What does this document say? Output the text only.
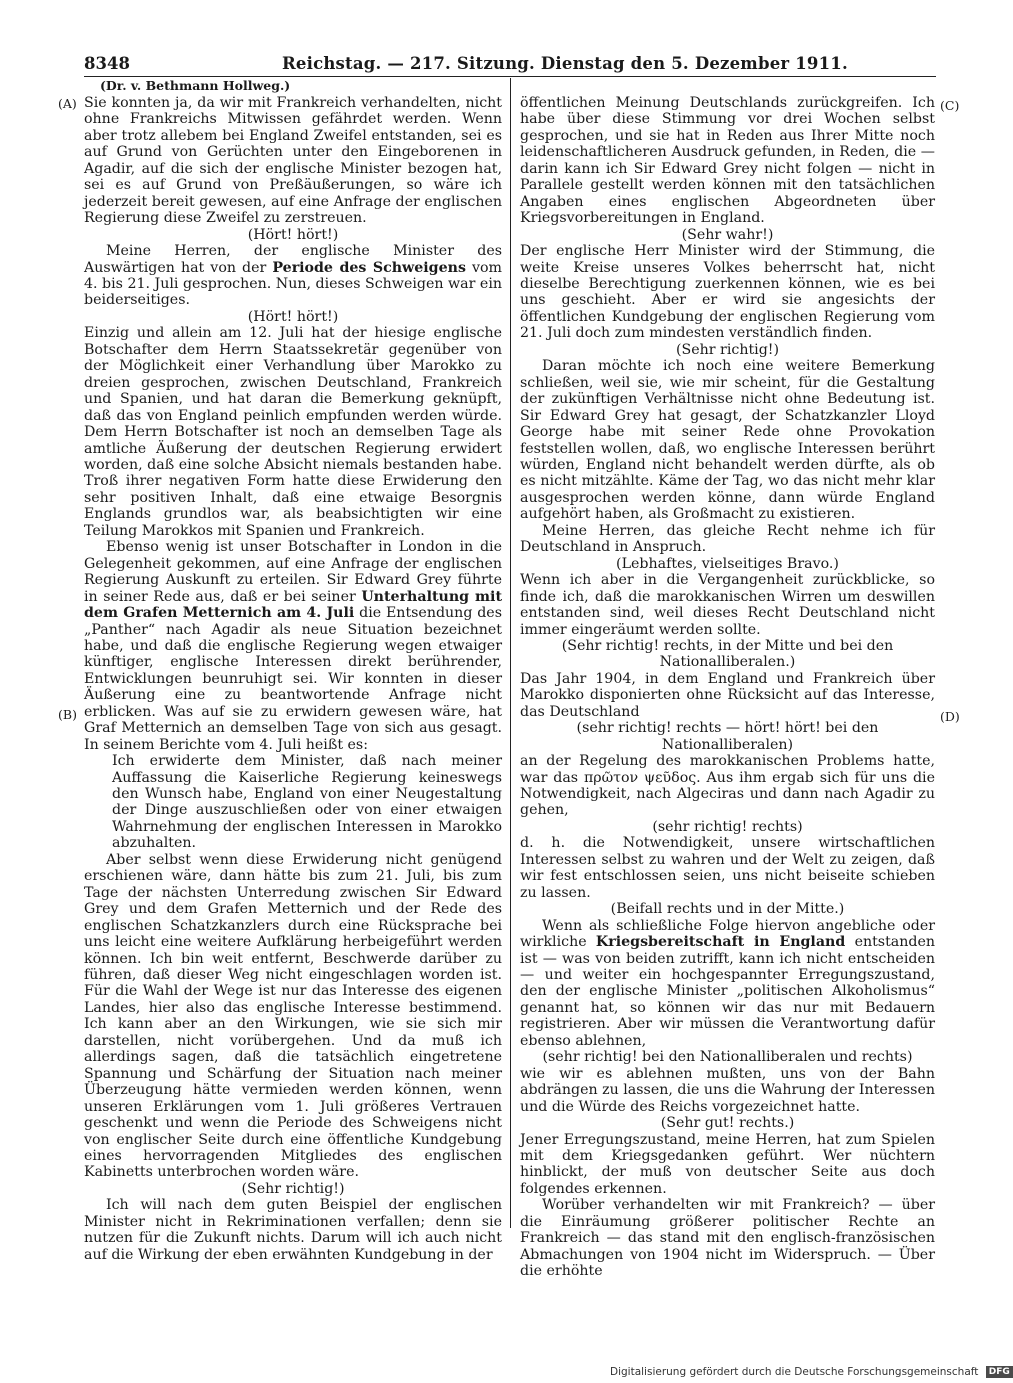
8348	Reichstag. — 217. Sitzung. Dienstag den 5. Dezember 1911.
(Dr. v. Bethmann Hollweg.)
(A)
(B)
(C)
(D)

Sie konnten ja, da wir mit Frankreich verhandelten, nicht ohne Frankreichs Mitwissen gefährdet werden. Wenn aber trotz allebem bei England Zweifel entstanden, sei es auf Grund von Gerüchten unter den Eingeborenen in Agadir, auf die sich der englische Minister bezogen hat, sei es auf Grund von Preßäußerungen, so wäre ich jederzeit bereit gewesen, auf eine Anfrage der englischen Regierung diese Zweifel zu zerstreuen.

(Hört! hört!)

Meine Herren, der englische Minister des Auswärtigen hat von der Periode des Schweigens vom 4. bis 21. Juli gesprochen. Nun, dieses Schweigen war ein beiderseitiges.

(Hört! hört!)

Einzig und allein am 12. Juli hat der hiesige englische Botschafter dem Herrn Staatssekretär gegenüber von der Möglichkeit einer Verhandlung über Marokko zu dreien gesprochen, zwischen Deutschland, Frankreich und Spanien, und hat daran die Bemerkung geknüpft, daß das von England peinlich empfunden werden würde. Dem Herrn Botschafter ist noch an demselben Tage als amtliche Äußerung der deutschen Regierung erwidert worden, daß eine solche Absicht niemals bestanden habe. Troß ihrer negativen Form hatte diese Erwiderung den sehr positiven Inhalt, daß eine etwaige Besorgnis Englands grundlos war, als beabsichtigten wir eine Teilung Marokkos mit Spanien und Frankreich.

Ebenso wenig ist unser Botschafter in London in die Gelegenheit gekommen, auf eine Anfrage der englischen Regierung Auskunft zu erteilen. Sir Edward Grey führte in seiner Rede aus, daß er bei seiner Unterhaltung mit dem Grafen Metternich am 4. Juli die Entsendung des „Panther“ nach Agadir als neue Situation bezeichnet habe, und daß die englische Regierung wegen etwaiger künftiger, englische Interessen direkt berührender, Entwicklungen beunruhigt sei. Wir konnten in dieser Äußerung eine zu beantwortende Anfrage nicht erblicken. Was auf sie zu erwidern gewesen wäre, hat Graf Metternich an demselben Tage von sich aus gesagt. In seinem Berichte vom 4. Juli heißt es:

Ich erwiderte dem Minister, daß nach meiner Auffassung die Kaiserliche Regierung keineswegs den Wunsch habe, England von einer Neugestaltung der Dinge auszuschließen oder von einer etwaigen Wahrnehmung der englischen Interessen in Marokko abzuhalten.

Aber selbst wenn diese Erwiderung nicht genügend erschienen wäre, dann hätte bis zum 21. Juli, bis zum Tage der nächsten Unterredung zwischen Sir Edward Grey und dem Grafen Metternich und der Rede des englischen Schatzkanzlers durch eine Rücksprache bei uns leicht eine weitere Aufklärung herbeigeführt werden können. Ich bin weit entfernt, Beschwerde darüber zu führen, daß dieser Weg nicht eingeschlagen worden ist. Für die Wahl der Wege ist nur das Interesse des eigenen Landes, hier also das englische Interesse bestimmend. Ich kann aber an den Wirkungen, wie sie sich mir darstellen, nicht vorübergehen. Und da muß ich allerdings sagen, daß die tatsächlich eingetretene Spannung und Schärfung der Situation nach meiner Überzeugung hätte vermieden werden können, wenn unseren Erklärungen vom 1. Juli größeres Vertrauen geschenkt und wenn die Periode des Schweigens nicht von englischer Seite durch eine öffentliche Kundgebung eines hervorragenden Mitgliedes des englischen Kabinetts unterbrochen worden wäre.

(Sehr richtig!)

Ich will nach dem guten Beispiel der englischen Minister nicht in Rekriminationen verfallen; denn sie nutzen für die Zukunft nichts. Darum will ich auch nicht auf die Wirkung der eben erwähnten Kundgebung in der

öffentlichen Meinung Deutschlands zurückgreifen. Ich habe über diese Stimmung vor drei Wochen selbst gesprochen, und sie hat in Reden aus Ihrer Mitte noch leidenschaftlicheren Ausdruck gefunden, in Reden, die — darin kann ich Sir Edward Grey nicht folgen — nicht in Parallele gestellt werden können mit den tatsächlichen Angaben eines englischen Abgeordneten über Kriegsvorbereitungen in England.

(Sehr wahr!)

Der englische Herr Minister wird der Stimmung, die weite Kreise unseres Volkes beherrscht hat, nicht dieselbe Berechtigung zuerkennen können, wie es bei uns geschieht. Aber er wird sie angesichts der öffentlichen Kundgebung der englischen Regierung vom 21. Juli doch zum mindesten verständlich finden.

(Sehr richtig!)

Daran möchte ich noch eine weitere Bemerkung schließen, weil sie, wie mir scheint, für die Gestaltung der zukünftigen Verhältnisse nicht ohne Bedeutung ist. Sir Edward Grey hat gesagt, der Schatzkanzler Lloyd George habe mit seiner Rede ohne Provokation feststellen wollen, daß, wo englische Interessen berührt würden, England nicht behandelt werden dürfte, als ob es nicht mitzählte. Käme der Tag, wo das nicht mehr klar ausgesprochen werden könne, dann würde England aufgehört haben, als Großmacht zu existieren.

Meine Herren, das gleiche Recht nehme ich für Deutschland in Anspruch.

(Lebhaftes, vielseitiges Bravo.)

Wenn ich aber in die Vergangenheit zurückblicke, so finde ich, daß die marokkanischen Wirren um deswillen entstanden sind, weil dieses Recht Deutschland nicht immer eingeräumt werden sollte.

(Sehr richtig! rechts, in der Mitte und bei den Nationalliberalen.)

Das Jahr 1904, in dem England und Frankreich über Marokko disponierten ohne Rücksicht auf das Interesse, das Deutschland

(sehr richtig! rechts — hört! hört! bei den Nationalliberalen)

an der Regelung des marokkanischen Problems hatte, war das πρῶτον ψεῦδος. Aus ihm ergab sich für uns die Notwendigkeit, nach Algeciras und dann nach Agadir zu gehen,

(sehr richtig! rechts)

d. h. die Notwendigkeit, unsere wirtschaftlichen Interessen selbst zu wahren und der Welt zu zeigen, daß wir fest entschlossen seien, uns nicht beiseite schieben zu lassen.

(Beifall rechts und in der Mitte.)

Wenn als schließliche Folge hiervon angebliche oder wirkliche Kriegsbereitschaft in England entstanden ist — was von beiden zutrifft, kann ich nicht entscheiden — und weiter ein hochgespannter Erregungszustand, den der englische Minister „politischen Alkoholismus“ genannt hat, so können wir das nur mit Bedauern registrieren. Aber wir müssen die Verantwortung dafür ebenso ablehnen,

(sehr richtig! bei den Nationalliberalen und rechts)

wie wir es ablehnen mußten, uns von der Bahn abdrängen zu lassen, die uns die Wahrung der Interessen und die Würde des Reichs vorgezeichnet hatte.

(Sehr gut! rechts.)

Jener Erregungszustand, meine Herren, hat zum Spielen mit dem Kriegsgedanken geführt. Wer nüchtern hinblickt, der muß von deutscher Seite aus doch folgendes erkennen.

Worüber verhandelten wir mit Frankreich? — über die Einräumung größerer politischer Rechte an Frankreich — das stand mit den englisch-französischen Abmachungen von 1904 nicht im Widerspruch. — Über die erhöhte

Digitalisierung gefördert durch die Deutsche Forschungsgemeinschaft DFG
